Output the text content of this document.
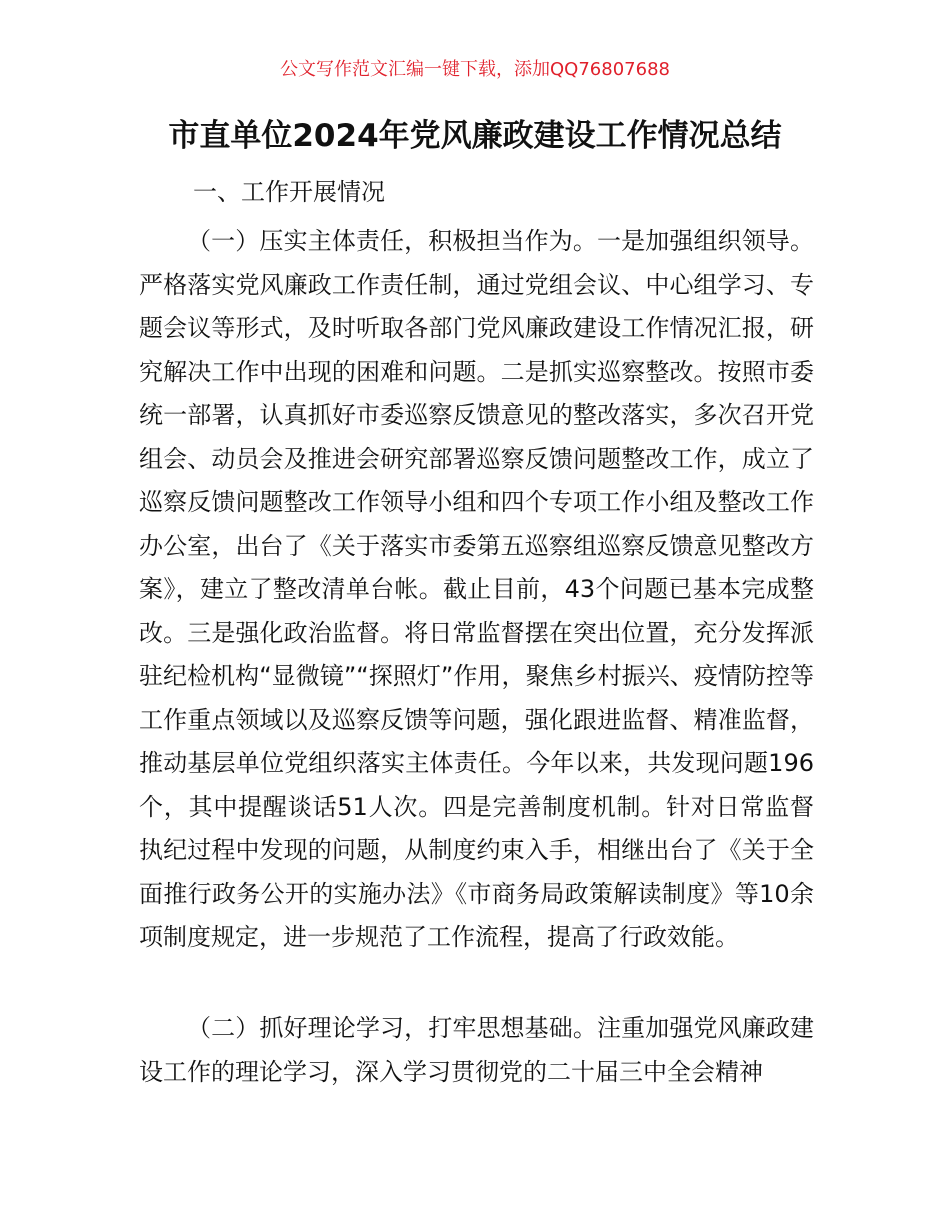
公文写作范文汇编一键下载，添加QQ76807688
市直单位2024年党风廉政建设工作情况总结
一、工作开展情况

（一）压实主体责任，积极担当作为。一是加强组织领导。严格落实党风廉政工作责任制，通过党组会议、中心组学习、专题会议等形式，及时听取各部门党风廉政建设工作情况汇报，研究解决工作中出现的困难和问题。二是抓实巡察整改。按照市委统一部署，认真抓好市委巡察反馈意见的整改落实，多次召开党组会、动员会及推进会研究部署巡察反馈问题整改工作，成立了巡察反馈问题整改工作领导小组和四个专项工作小组及整改工作办公室，出台了《关于落实市委第五巡察组巡察反馈意见整改方案》，建立了整改清单台帐。截止目前，43个问题已基本完成整改。三是强化政治监督。将日常监督摆在突出位置，充分发挥派驻纪检机构“显微镜”“探照灯”作用，聚焦乡村振兴、疫情防控等工作重点领域以及巡察反馈等问题，强化跟进监督、精准监督，推动基层单位党组织落实主体责任。今年以来，共发现问题196个，其中提醒谈话51人次。四是完善制度机制。针对日常监督执纪过程中发现的问题，从制度约束入手，相继出台了《关于全面推行政务公开的实施办法》《市商务局政策解读制度》等10余项制度规定，进一步规范了工作流程，提高了行政效能。

（二）抓好理论学习，打牢思想基础。注重加强党风廉政建设工作的理论学习，深入学习贯彻党的二十届三中全会精神
